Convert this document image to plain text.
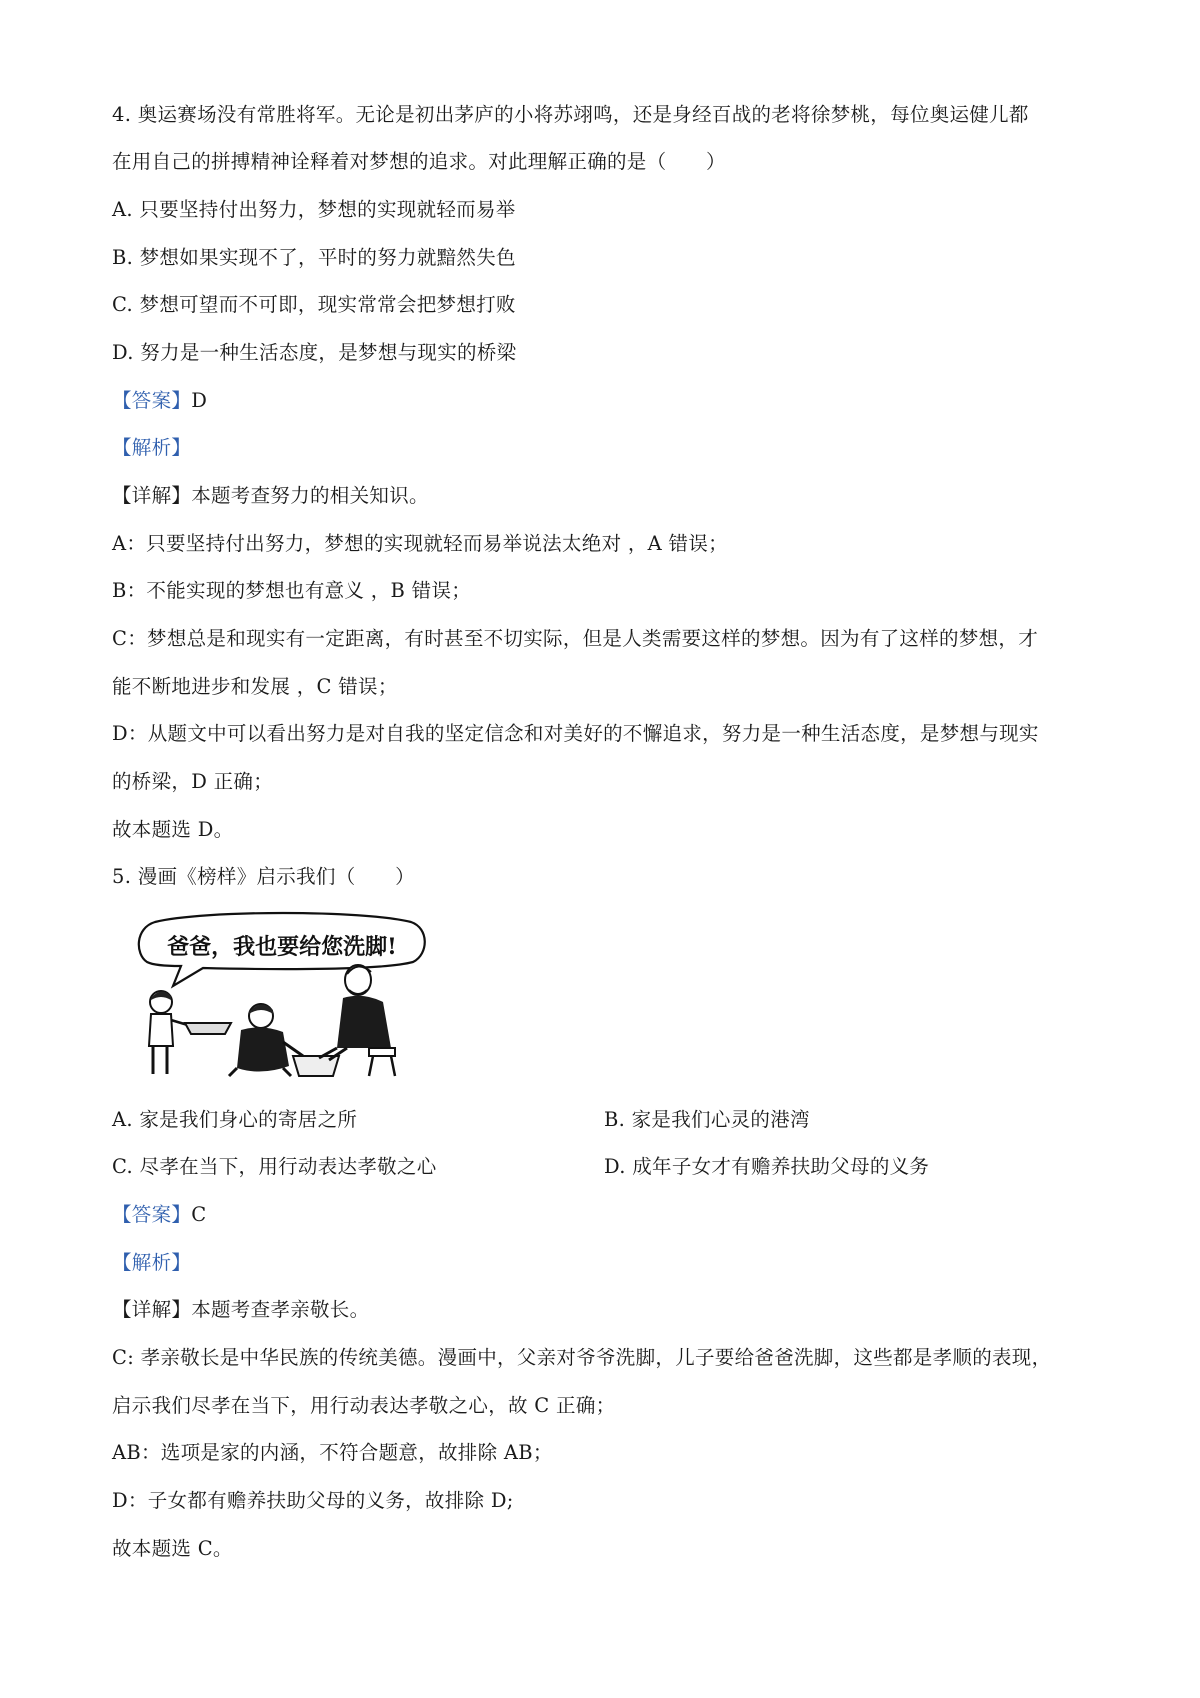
4. 奥运赛场没有常胜将军。无论是初出茅庐的小将苏翊鸣，还是身经百战的老将徐梦桃，每位奥运健儿都
在用自己的拼搏精神诠释着对梦想的追求。对此理解正确的是（　　）
A. 只要坚持付出努力，梦想的实现就轻而易举
B. 梦想如果实现不了，平时的努力就黯然失色
C. 梦想可望而不可即，现实常常会把梦想打败
D. 努力是一种生活态度，是梦想与现实的桥梁
【答案】D
【解析】
【详解】本题考查努力的相关知识。
A：只要坚持付出努力，梦想的实现就轻而易举说法太绝对 ，A 错误；
B：不能实现的梦想也有意义 ，B 错误；
C：梦想总是和现实有一定距离，有时甚至不切实际，但是人类需要这样的梦想。因为有了这样的梦想，才
能不断地进步和发展 ，C 错误；
D：从题文中可以看出努力是对自我的坚定信念和对美好的不懈追求，努力是一种生活态度，是梦想与现实
的桥梁，D 正确；
故本题选 D。
5. 漫画《榜样》启示我们（　　）
爸爸，我也要给您洗脚!
A. 家是我们身心的寄居之所	B. 家是我们心灵的港湾
C. 尽孝在当下，用行动表达孝敬之心	D. 成年子女才有赡养扶助父母的义务
【答案】C
【解析】
【详解】本题考查孝亲敬长。
C: 孝亲敬长是中华民族的传统美德。漫画中，父亲对爷爷洗脚，儿子要给爸爸洗脚，这些都是孝顺的表现，
启示我们尽孝在当下，用行动表达孝敬之心，故 C 正确；
AB：选项是家的内涵，不符合题意，故排除 AB；
D：子女都有赡养扶助父母的义务，故排除 D;
故本题选 C。
